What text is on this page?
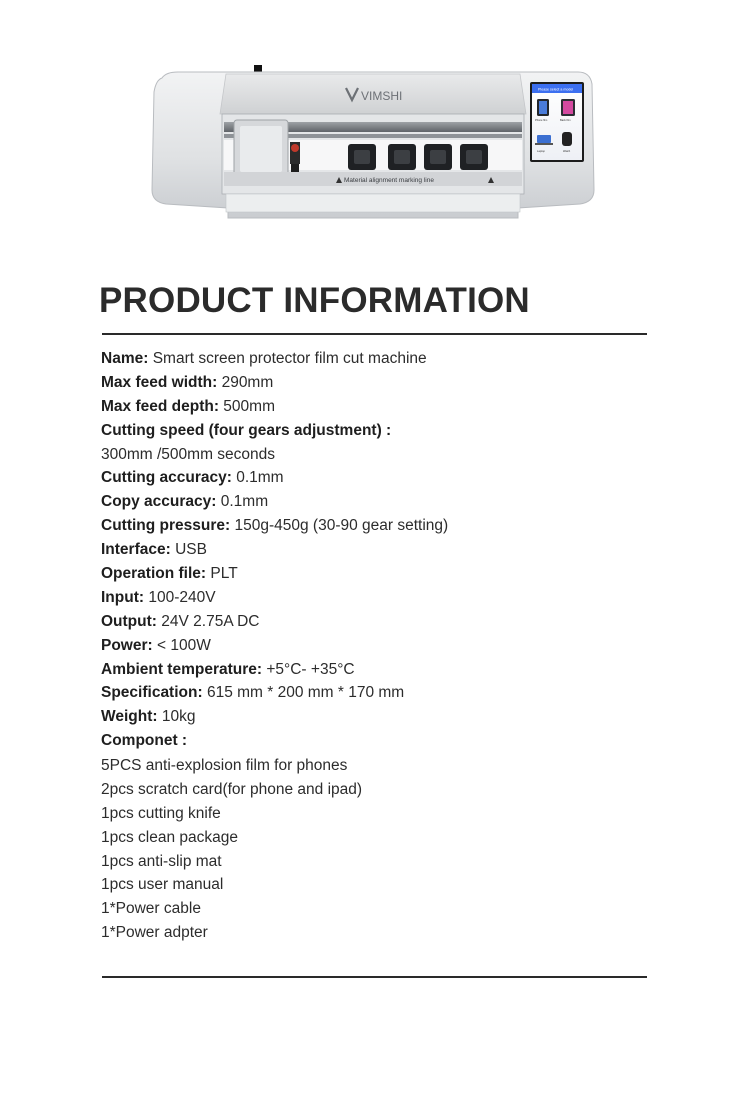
VIMSHI
Material alignment marking line
Please select a model
Phone film	Back film
Laptop	Watch
PRODUCT INFORMATION
Name: Smart screen protector film cut machine
Max feed width: 290mm
Max feed depth: 500mm
Cutting speed (four gears adjustment) :
300mm /500mm seconds
Cutting accuracy: 0.1mm
Copy accuracy: 0.1mm
Cutting pressure: 150g-450g (30-90 gear setting)
Interface: USB
Operation file: PLT
Input: 100-240V
Output: 24V 2.75A DC
Power: < 100W
Ambient temperature: +5°C- +35°C
Specification: 615 mm * 200 mm * 170 mm
Weight: 10kg
Componet :
5PCS anti-explosion film for phones
2pcs scratch card(for phone and ipad)
1pcs cutting knife
1pcs clean package
1pcs anti-slip mat
1pcs user manual
1*Power cable
1*Power adpter
